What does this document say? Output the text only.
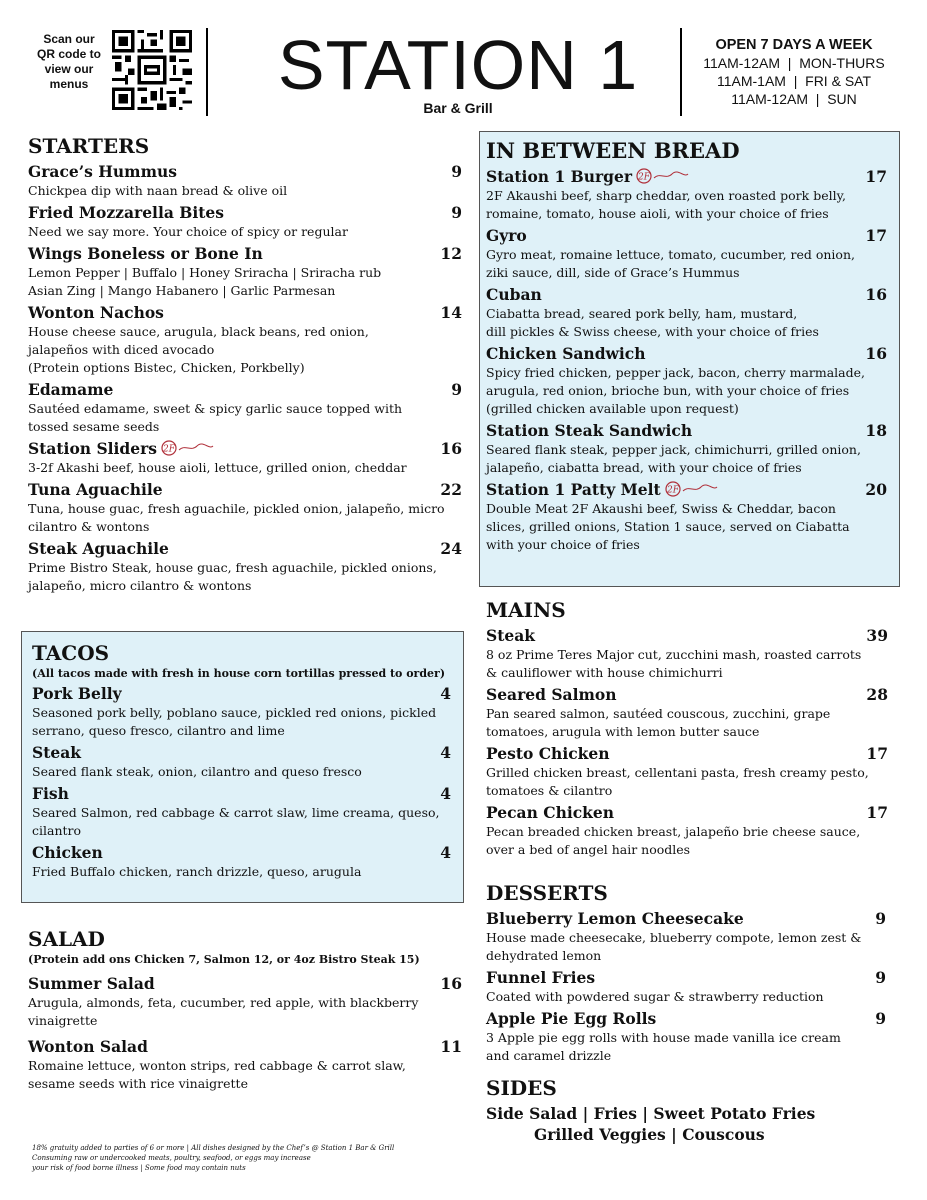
Scan our
QR code to
view our
menus	STATION 1
Bar & Grill
OPEN 7 DAYS A WEEK
11AM-12AM  |  MON-THURS
11AM-1AM  |  FRI & SAT
11AM-12AM  |  SUN
STARTERS
Grace’s Hummus	9
Chickpea dip with naan bread & olive oil
Fried Mozzarella Bites	9
Need we say more. Your choice of spicy or regular
Wings Boneless or Bone In	12
Lemon Pepper | Buffalo | Honey Sriracha | Sriracha rub
Asian Zing | Mango Habanero | Garlic Parmesan
Wonton Nachos	14
House cheese sauce, arugula, black beans, red onion,
jalapeños with diced avocado
(Protein options Bistec, Chicken, Porkbelly)
Edamame	9
Sautéed edamame, sweet & spicy garlic sauce topped with
tossed sesame seeds
Station Sliders 2F	16
3-2f Akashi beef, house aioli, lettuce, grilled onion, cheddar
Tuna Aguachile	22
Tuna, house guac, fresh aguachile, pickled onion, jalapeño, micro
cilantro & wontons
Steak Aguachile	24
Prime Bistro Steak, house guac, fresh aguachile, pickled onions,
jalapeño, micro cilantro & wontons
TACOS
(All tacos made with fresh in house corn tortillas pressed to order)
Pork Belly	4
Seasoned pork belly, poblano sauce, pickled red onions, pickled
serrano, queso fresco, cilantro and lime
Steak	4
Seared flank steak, onion, cilantro and queso fresco
Fish	4
Seared Salmon, red cabbage & carrot slaw, lime creama, queso,
cilantro
Chicken	4
Fried Buffalo chicken, ranch drizzle, queso, arugula
SALAD
(Protein add ons Chicken 7, Salmon 12, or 4oz Bistro Steak 15)
Summer Salad	16
Arugula, almonds, feta, cucumber, red apple, with blackberry
vinaigrette
Wonton Salad	11
Romaine lettuce, wonton strips, red cabbage & carrot slaw,
sesame seeds with rice vinaigrette
IN BETWEEN BREAD
Station 1 Burger 2F	17
2F Akaushi beef, sharp cheddar, oven roasted pork belly,
romaine, tomato, house aioli, with your choice of fries
Gyro	17
Gyro meat, romaine lettuce, tomato, cucumber, red onion,
ziki sauce, dill, side of Grace’s Hummus
Cuban	16
Ciabatta bread, seared pork belly, ham, mustard,
dill pickles & Swiss cheese, with your choice of fries
Chicken Sandwich	16
Spicy fried chicken, pepper jack, bacon, cherry marmalade,
arugula, red onion, brioche bun, with your choice of fries
(grilled chicken available upon request)
Station Steak Sandwich	18
Seared flank steak, pepper jack, chimichurri, grilled onion,
jalapeño, ciabatta bread, with your choice of fries
Station 1 Patty Melt 2F	20
Double Meat 2F Akaushi beef, Swiss & Cheddar, bacon
slices, grilled onions, Station 1 sauce, served on Ciabatta
with your choice of fries
MAINS
Steak	39
8 oz Prime Teres Major cut, zucchini mash, roasted carrots
& cauliflower with house chimichurri
Seared Salmon	28
Pan seared salmon, sautéed couscous, zucchini, grape
tomatoes, arugula with lemon butter sauce
Pesto Chicken	17
Grilled chicken breast, cellentani pasta, fresh creamy pesto,
tomatoes & cilantro
Pecan Chicken	17
Pecan breaded chicken breast, jalapeño brie cheese sauce,
over a bed of angel hair noodles
DESSERTS
Blueberry Lemon Cheesecake	9
House made cheesecake, blueberry compote, lemon zest &
dehydrated lemon
Funnel Fries	9
Coated with powdered sugar & strawberry reduction
Apple Pie Egg Rolls	9
3 Apple pie egg rolls with house made vanilla ice cream
and caramel drizzle
SIDES
Side Salad | Fries | Sweet Potato Fries
Grilled Veggies | Couscous
18% gratuity added to parties of 6 or more | All dishes designed by the Chef’s @ Station 1 Bar & Grill
Consuming raw or undercooked meats, poultry, seafood, or eggs may increase
your risk of food borne illness | Some food may contain nuts
